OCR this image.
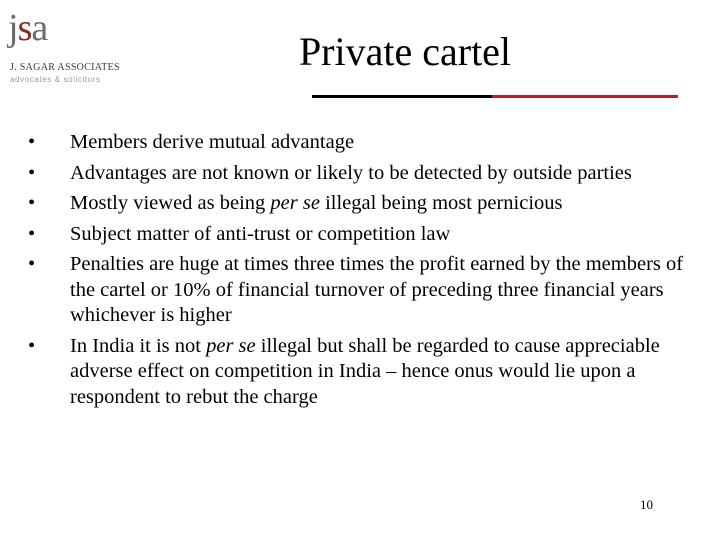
jsa
J. SAGAR ASSOCIATES
advocates & solicitors
Private cartel
•	Members derive mutual advantage
•	Advantages are not known or likely to be detected by outside parties
•	Mostly viewed as being per se illegal being most pernicious
•	Subject matter of anti-trust or competition law
•	Penalties are huge at times three times the profit earned by the members of the cartel or 10% of financial turnover of preceding three financial years whichever is higher
•	In India it is not per se illegal but shall be regarded to cause appreciable adverse effect on competition in India – hence onus would lie upon a respondent to rebut the charge
10
